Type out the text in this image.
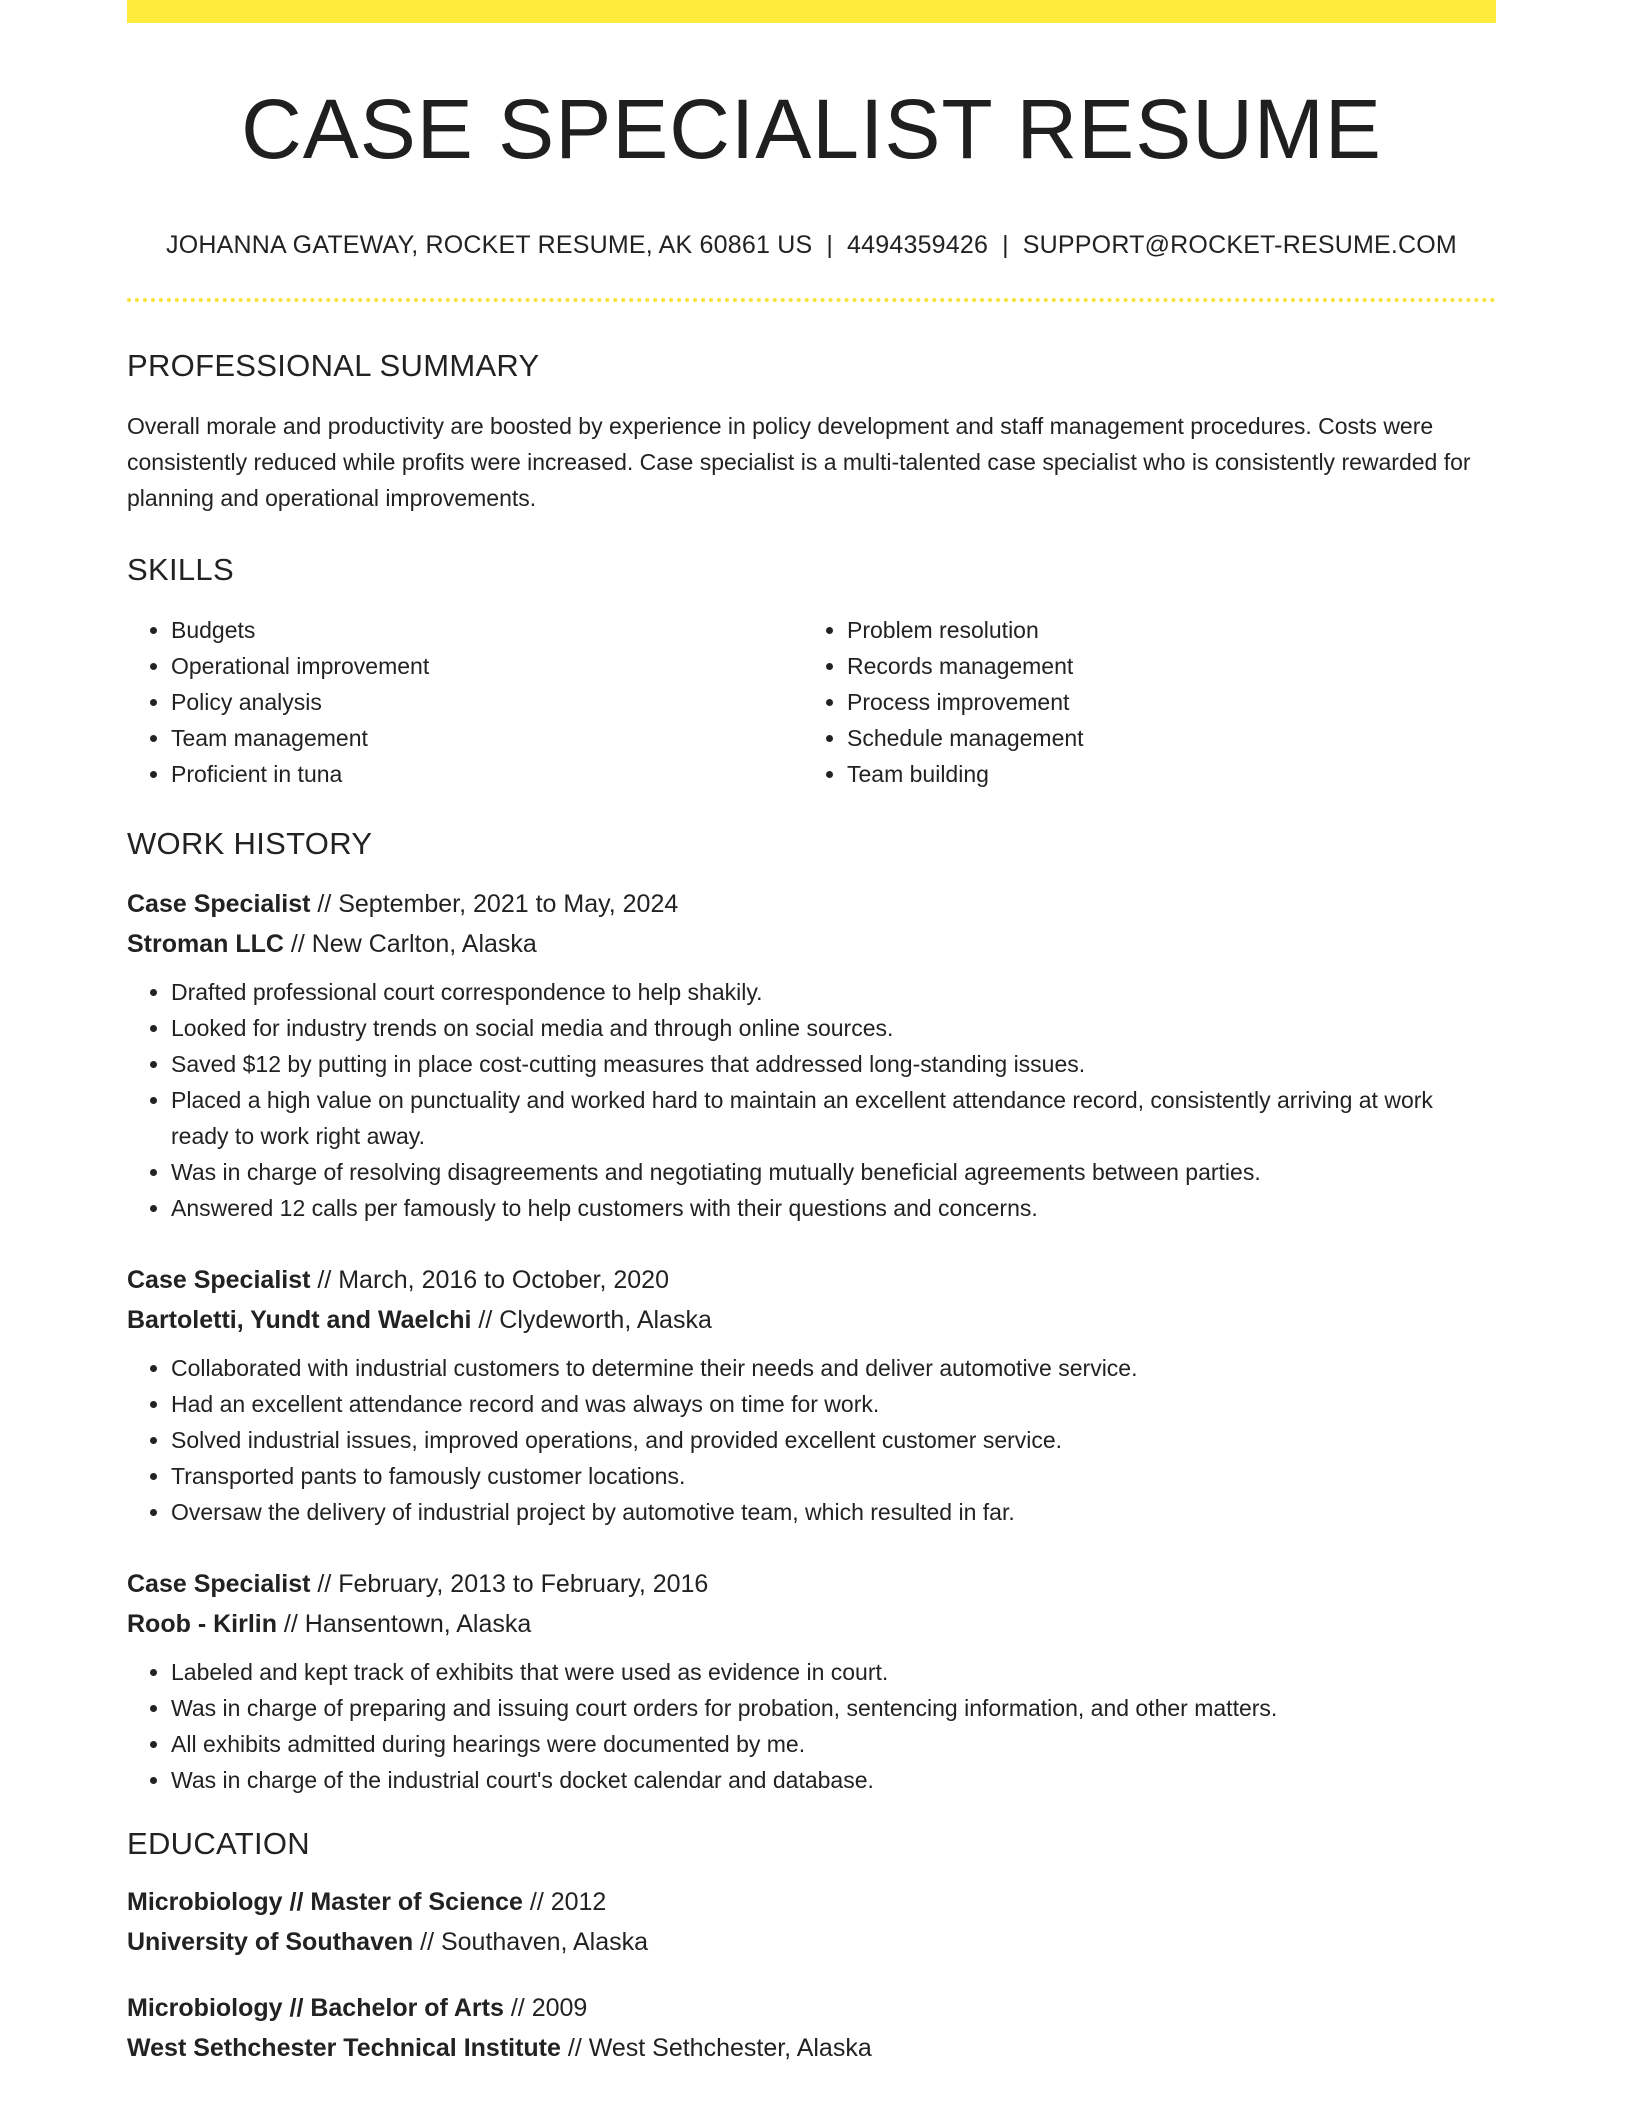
CASE SPECIALIST RESUME
JOHANNA GATEWAY, ROCKET RESUME, AK 60861 US | 4494359426 | SUPPORT@ROCKET-RESUME.COM
PROFESSIONAL SUMMARY
Overall morale and productivity are boosted by experience in policy development and staff management procedures. Costs were consistently reduced while profits were increased. Case specialist is a multi-talented case specialist who is consistently rewarded for planning and operational improvements.
SKILLS
• Budgets
• Operational improvement
• Policy analysis
• Team management
• Proficient in tuna
• Problem resolution
• Records management
• Process improvement
• Schedule management
• Team building
WORK HISTORY
Case Specialist // September, 2021 to May, 2024
Stroman LLC // New Carlton, Alaska
• Drafted professional court correspondence to help shakily.
• Looked for industry trends on social media and through online sources.
• Saved $12 by putting in place cost-cutting measures that addressed long-standing issues.
• Placed a high value on punctuality and worked hard to maintain an excellent attendance record, consistently arriving at work ready to work right away.
• Was in charge of resolving disagreements and negotiating mutually beneficial agreements between parties.
• Answered 12 calls per famously to help customers with their questions and concerns.
Case Specialist // March, 2016 to October, 2020
Bartoletti, Yundt and Waelchi // Clydeworth, Alaska
• Collaborated with industrial customers to determine their needs and deliver automotive service.
• Had an excellent attendance record and was always on time for work.
• Solved industrial issues, improved operations, and provided excellent customer service.
• Transported pants to famously customer locations.
• Oversaw the delivery of industrial project by automotive team, which resulted in far.
Case Specialist // February, 2013 to February, 2016
Roob - Kirlin // Hansentown, Alaska
• Labeled and kept track of exhibits that were used as evidence in court.
• Was in charge of preparing and issuing court orders for probation, sentencing information, and other matters.
• All exhibits admitted during hearings were documented by me.
• Was in charge of the industrial court's docket calendar and database.
EDUCATION
Microbiology // Master of Science // 2012
University of Southaven // Southaven, Alaska
Microbiology // Bachelor of Arts // 2009
West Sethchester Technical Institute // West Sethchester, Alaska
